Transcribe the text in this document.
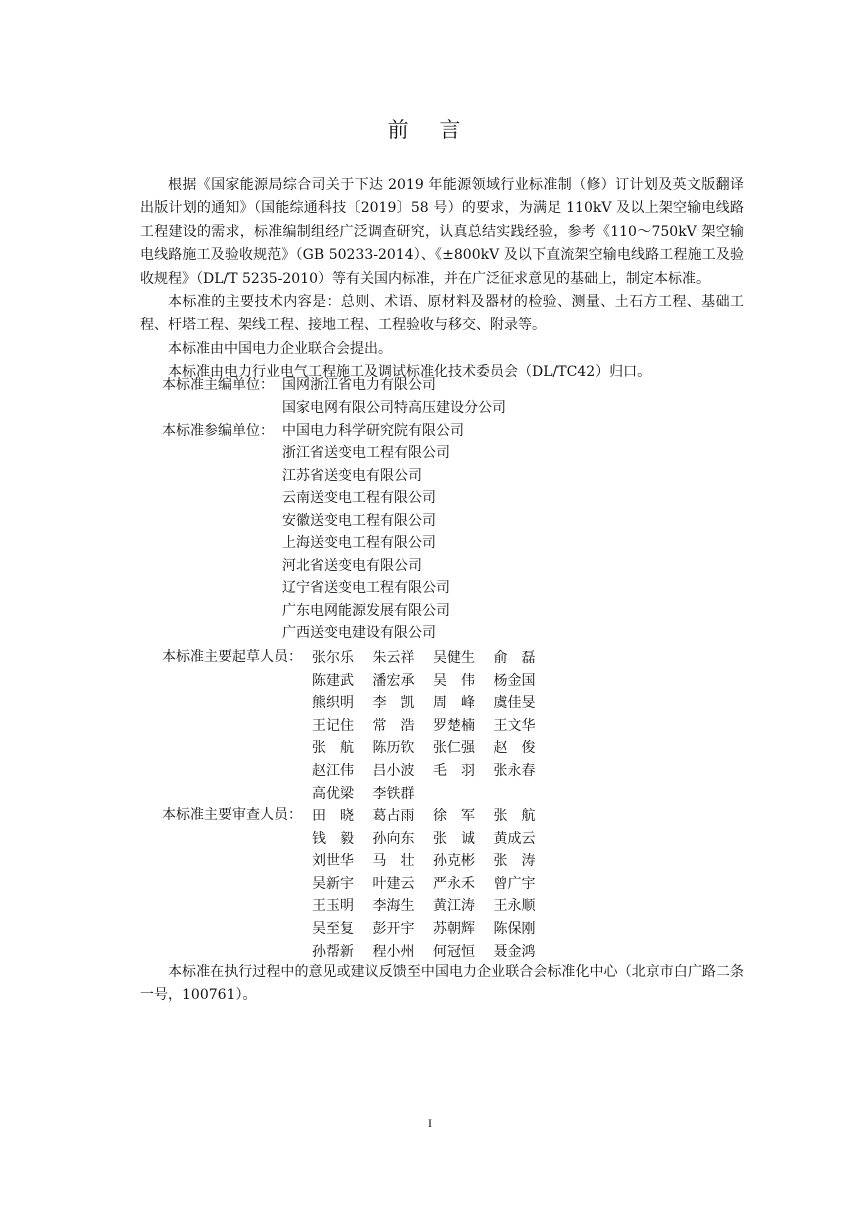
前 言

根据《国家能源局综合司关于下达 2019 年能源领域行业标准制（修）订计划及英文版翻译出版计划的通知》（国能综通科技〔2019〕58 号）的要求，为满足 110kV 及以上架空输电线路工程建设的需求，标准编制组经广泛调查研究，认真总结实践经验，参考《110～750kV 架空输电线路施工及验收规范》（GB 50233-2014）、《±800kV 及以下直流架空输电线路工程施工及验收规程》（DL/T 5235-2010）等有关国内标准，并在广泛征求意见的基础上，制定本标准。

本标准的主要技术内容是：总则、术语、原材料及器材的检验、测量、土石方工程、基础工程、杆塔工程、架线工程、接地工程、工程验收与移交、附录等。

本标准由中国电力企业联合会提出。

本标准由电力行业电气工程施工及调试标准化技术委员会（DL/TC42）归口。

本标准主编单位： 国网浙江省电力有限公司
国家电网有限公司特高压建设分公司
本标准参编单位： 中国电力科学研究院有限公司
浙江省送变电工程有限公司
江苏省送变电有限公司
云南送变电工程有限公司
安徽送变电工程有限公司
上海送变电工程有限公司
河北省送变电有限公司
辽宁省送变电工程有限公司
广东电网能源发展有限公司
广西送变电建设有限公司
本标准主要起草人员： 张尔乐	朱云祥	吴健生	俞　磊
陈建武	潘宏承	吴　伟	杨金国
熊织明	李　凯	周　峰	虞佳旻
王记住	常　浩	罗楚楠	王文华
张　航	陈历钦	张仁强	赵　俊
赵江伟	吕小波	毛　羽	张永春
高优梁	李铁群
本标准主要审查人员： 田　晓	葛占雨	徐　军	张　航
钱　毅	孙向东	张　诚	黄成云
刘世华	马　壮	孙克彬	张　涛
吴新宇	叶建云	严永禾	曾广宇
王玉明	李海生	黄江涛	王永顺
吴至复	彭开宇	苏朝辉	陈保刚
孙帮新	程小州	何冠恒	聂金鸿

本标准在执行过程中的意见或建议反馈至中国电力企业联合会标准化中心（北京市白广路二条一号，100761）。

I
